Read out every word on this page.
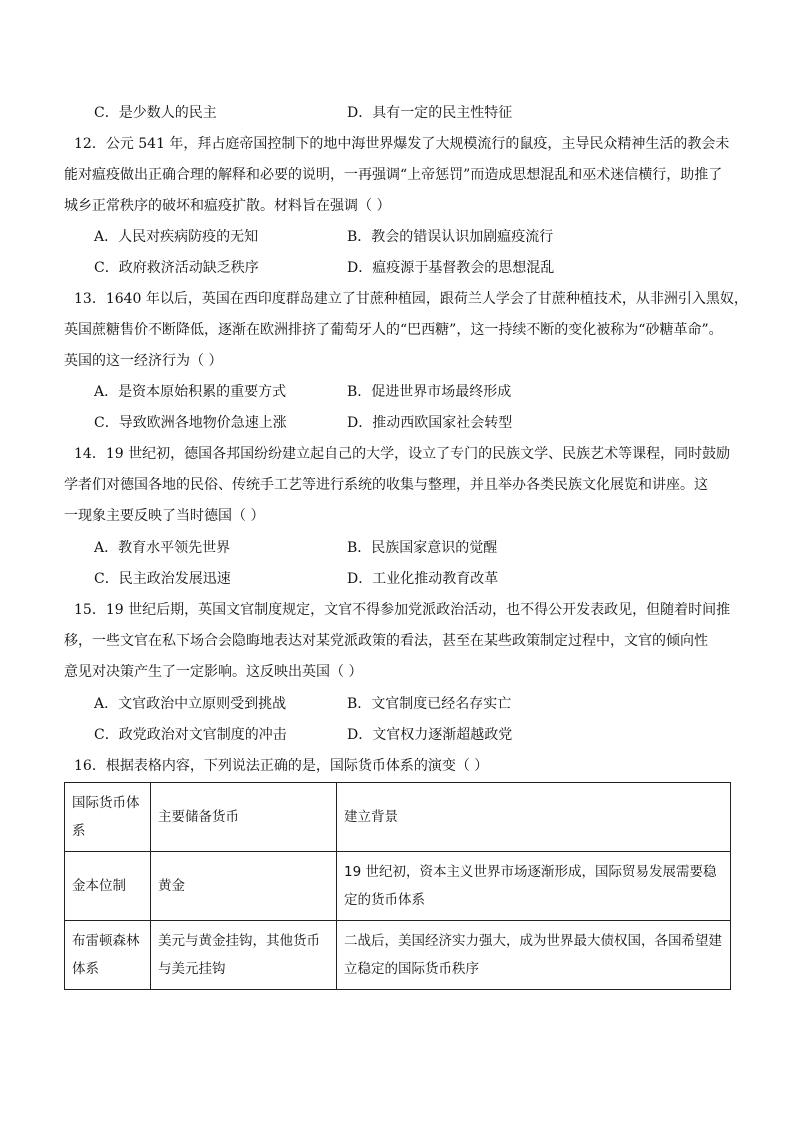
C．是少数人的民主	D．具有一定的民主性特征
12．公元 541 年，拜占庭帝国控制下的地中海世界爆发了大规模流行的鼠疫，主导民众精神生活的教会未
能对瘟疫做出正确合理的解释和必要的说明，一再强调“上帝惩罚”而造成思想混乱和巫术迷信横行，助推了
城乡正常秩序的破坏和瘟疫扩散。材料旨在强调（ ）
A．人民对疾病防疫的无知	B．教会的错误认识加剧瘟疫流行
C．政府救济活动缺乏秩序	D．瘟疫源于基督教会的思想混乱
13．1640 年以后，英国在西印度群岛建立了甘蔗种植园，跟荷兰人学会了甘蔗种植技术，从非洲引入黑奴，
英国蔗糖售价不断降低，逐渐在欧洲排挤了葡萄牙人的“巴西糖”，这一持续不断的变化被称为“砂糖革命”。
英国的这一经济行为（ ）
A．是资本原始积累的重要方式	B．促进世界市场最终形成
C．导致欧洲各地物价急速上涨	D．推动西欧国家社会转型
14．19 世纪初，德国各邦国纷纷建立起自己的大学，设立了专门的民族文学、民族艺术等课程，同时鼓励
学者们对德国各地的民俗、传统手工艺等进行系统的收集与整理，并且举办各类民族文化展览和讲座。这
一现象主要反映了当时德国（ ）
A．教育水平领先世界	B．民族国家意识的觉醒
C．民主政治发展迅速	D．工业化推动教育改革
15．19 世纪后期，英国文官制度规定，文官不得参加党派政治活动，也不得公开发表政见，但随着时间推
移，一些文官在私下场合会隐晦地表达对某党派政策的看法，甚至在某些政策制定过程中，文官的倾向性
意见对决策产生了一定影响。这反映出英国（ ）
A．文官政治中立原则受到挑战	B．文官制度已经名存实亡
C．政党政治对文官制度的冲击	D．文官权力逐渐超越政党
16．根据表格内容，下列说法正确的是，国际货币体系的演变（ ）
国际货币体系	主要储备货币	建立背景
金本位制	黄金	19 世纪初，资本主义世界市场逐渐形成，国际贸易发展需要稳定的货币体系
布雷顿森林体系	美元与黄金挂钩，其他货币与美元挂钩	二战后，美国经济实力强大，成为世界最大债权国，各国希望建立稳定的国际货币秩序
